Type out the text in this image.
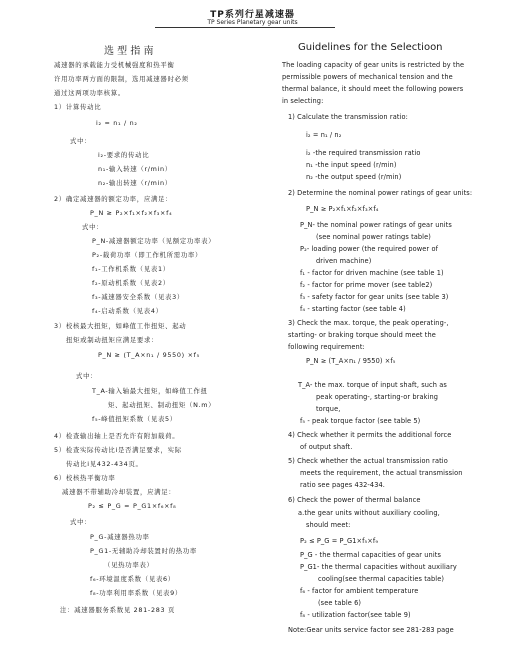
TP系列行星减速器
TP Series Planetary gear units
选 型 指 南	Guidelines for the Selectioon
减速器的承载能力受机械强度和热平衡
许用功率两方面的限制，选用减速器时必须
通过这两项功率核算。
1）计算传动比
i₂ = n₁ / n₂
式中：
i₂-要求的传动比
n₁-输入转速（r/min）
n₂-输出转速（r/min）
2）确定减速器的额定功率，应满足：
P_N ≥ P₂×f₁×f₂×f₃×f₄
式中：
P_N-减速器额定功率（见额定功率表）
P₂-载荷功率（即工作机所需功率）
f₁-工作机系数（见表1）
f₂-原动机系数（见表2）
f₃-减速器安全系数（见表3）
f₄-启动系数（见表4）
3）校核最大扭矩，如峰值工作扭矩、起动
扭矩或制动扭矩应满足要求：
P_N ≥ (T_A×n₁ / 9550) ×f₅
式中：
T_A-输入轴最大扭矩，如峰值工作扭
矩、起动扭矩、制动扭矩（N.m）
f₅-峰值扭矩系数（见表5）
4）检查输出轴上是否允许有附加载荷。
5）检查实际传动比i是否满足要求，实际
传动比i见432-434页。
6）校核热平衡功率
减速器不带辅助冷却装置，应满足：
P₂ ≤ P_G = P_G1×f₆×f₈
式中：
P_G-减速器热功率
P_G1-无辅助冷却装置时的热功率
（见热功率表）
f₆-环境温度系数（见表6）
f₈-功率利用率系数（见表9）
注：减速器服务系数见 281-283 页
The loading capacity of gear units is restricted by the
permissible powers of mechanical tension and the
thermal balance, it should meet the following powers
in selecting:
1) Calculate the transmission ratio:
i₂ = n₁ / n₂
i₂ -the required transmission ratio
n₁ -the input speed (r/min)
n₂ -the output speed (r/min)
2) Determine the nominal power ratings of gear units:
P_N ≥ P₂×f₁×f₂×f₃×f₄
P_N- the nominal power ratings of gear units
(see nominal power ratings table)
P₂- loading power (the required power of
driven machine)
f₁ - factor for driven machine (see table 1)
f₂ - factor for prime mover (see table2)
f₃ - safety factor for gear units (see table 3)
f₄ - starting factor (see table 4)
3) Check the max. torque, the peak operating-,
starting- or braking torque should meet the
following requirement:
P_N ≥ (T_A×n₁ / 9550) ×f₅
T_A- the max. torque of input shaft, such as
peak operating-, starting-or braking
torque,
f₅ - peak torque factor (see table 5)
4) Check whether it permits the additional force
of output shaft.
5) Check whether the actual transmission ratio
meets the requirement, the actual transmission
ratio see pages 432-434.
6) Check the power of thermal balance
a.the gear units without auxiliary cooling,
should meet:
P₂ ≤ P_G = P_G1×f₅×f₉
P_G - the thermal capacities of gear units
P_G1- the thermal capacities without auxiliary
cooling(see thermal capacities table)
f₆ - factor for ambient temperature
(see table 6)
f₈ - utilization factor(see table 9)
Note:Gear units service factor see 281-283 page
